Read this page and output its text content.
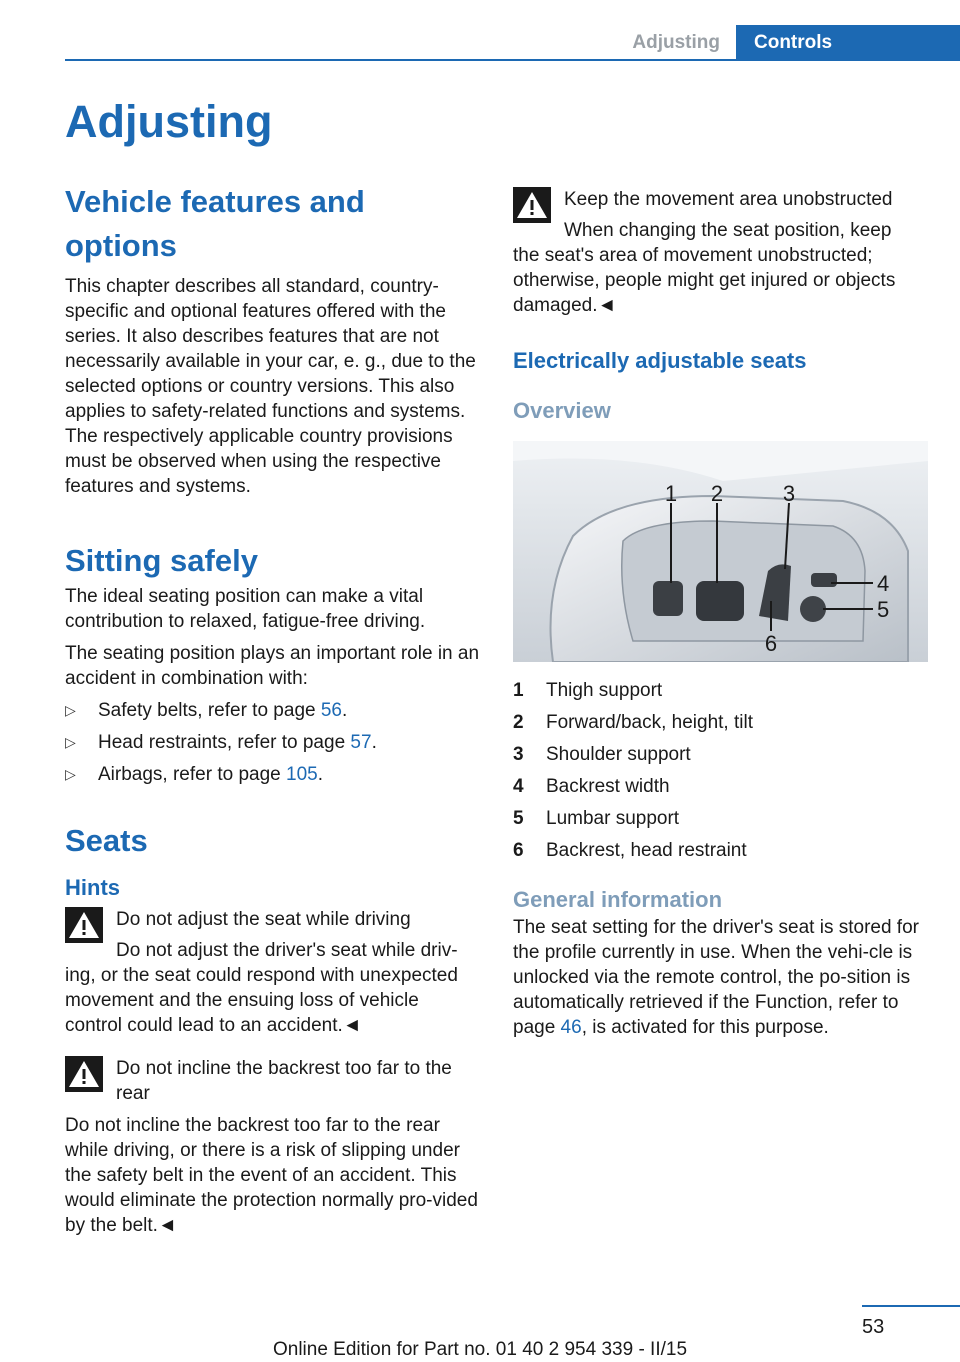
Adjusting	Controls
Adjusting
Vehicle features and options
This chapter describes all standard, country-specific and optional features offered with the series. It also describes features that are not necessarily available in your car, e. g., due to the selected options or country versions. This also applies to safety-related functions and systems. The respectively applicable country provisions must be observed when using the respective features and systems.
Sitting safely
The ideal seating position can make a vital contribution to relaxed, fatigue-free driving.
The seating position plays an important role in an accident in combination with:
▷ Safety belts, refer to page 56.
▷ Head restraints, refer to page 57.
▷ Airbags, refer to page 105.
Seats
Hints
Do not adjust the seat while driving
Do not adjust the driver's seat while driv-
ing, or the seat could respond with unexpected movement and the ensuing loss of vehicle control could lead to an accident.◄
Do not incline the backrest too far to the rear
Do not incline the backrest too far to the rear while driving, or there is a risk of slipping under the safety belt in the event of an accident. This would eliminate the protection normally pro-vided by the belt.◄
Keep the movement area unobstructed
When changing the seat position, keep
the seat's area of movement unobstructed; otherwise, people might get injured or objects damaged.◄
Electrically adjustable seats
Overview
1 2	3
4
5
6
1	Thigh support
2	Forward/back, height, tilt
3	Shoulder support
4	Backrest width
5	Lumbar support
6	Backrest, head restraint
General information
The seat setting for the driver's seat is stored for the profile currently in use. When the vehi-cle is unlocked via the remote control, the po-sition is automatically retrieved if the Function, refer to page 46, is activated for this purpose.
53
Online Edition for Part no. 01 40 2 954 339 - II/15
